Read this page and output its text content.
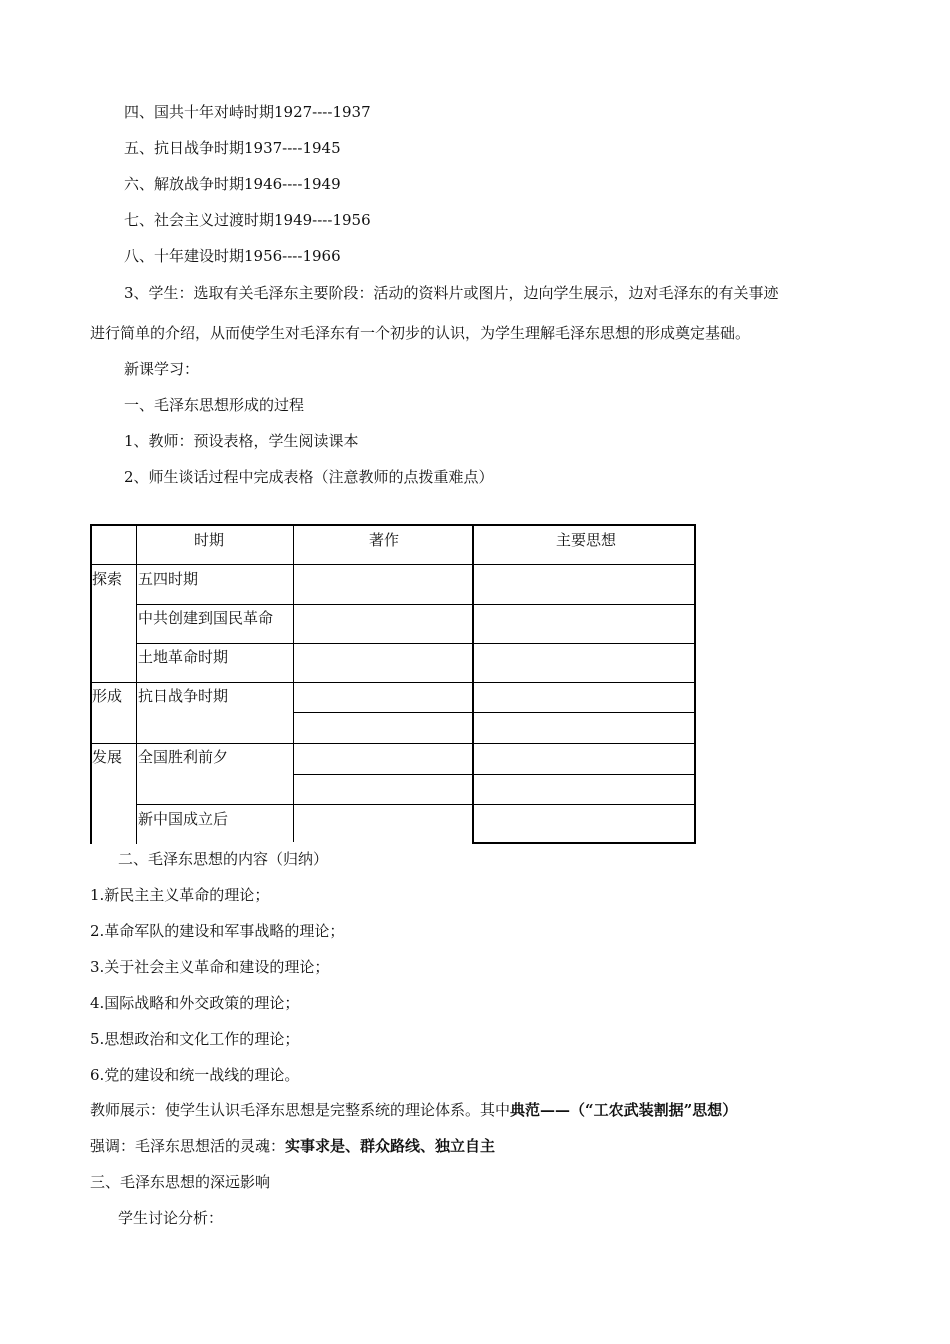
四、国共十年对峙时期1927----1937
五、抗日战争时期1937----1945
六、解放战争时期1946----1949
七、社会主义过渡时期1949----1956
八、十年建设时期1956----1966
3、学生：选取有关毛泽东主要阶段：活动的资料片或图片，边向学生展示，边对毛泽东的有关事迹
进行简单的介绍，从而使学生对毛泽东有一个初步的认识，为学生理解毛泽东思想的形成奠定基础。
新课学习：
一、毛泽东思想形成的过程
1、教师：预设表格，学生阅读课本
2、师生谈话过程中完成表格（注意教师的点拨重难点）
时期	著作	主要思想
探索
形成
发展
五四时期
中共创建到国民革命
土地革命时期
抗日战争时期
全国胜利前夕
新中国成立后
二、毛泽东思想的内容（归纳）
1.新民主主义革命的理论；
2.革命军队的建设和军事战略的理论；
3.关于社会主义革命和建设的理论；
4.国际战略和外交政策的理论；
5.思想政治和文化工作的理论；
6.党的建设和统一战线的理论。
教师展示：使学生认识毛泽东思想是完整系统的理论体系。其中典范——（“工农武装割据”思想）
强调：毛泽东思想活的灵魂：实事求是、群众路线、独立自主
三、毛泽东思想的深远影响
学生讨论分析：
